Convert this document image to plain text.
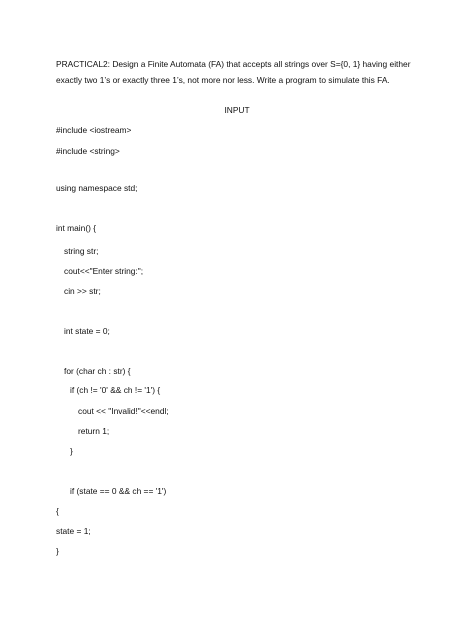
PRACTICAL2: Design a Finite Automata (FA) that accepts all strings over S={0, 1} having either exactly two 1’s or exactly three 1’s, not more nor less. Write a program to simulate this FA.

INPUT

#include <iostream>

#include <string>

using namespace std;

int main() {

string str;

cout<<"Enter string:";

cin >> str;

int state = 0;

for (char ch : str) {

if (ch != '0' && ch != '1') {

cout << "Invalid!"<<endl;

return 1;

}

if (state == 0 && ch == '1')

{

state = 1;

}
